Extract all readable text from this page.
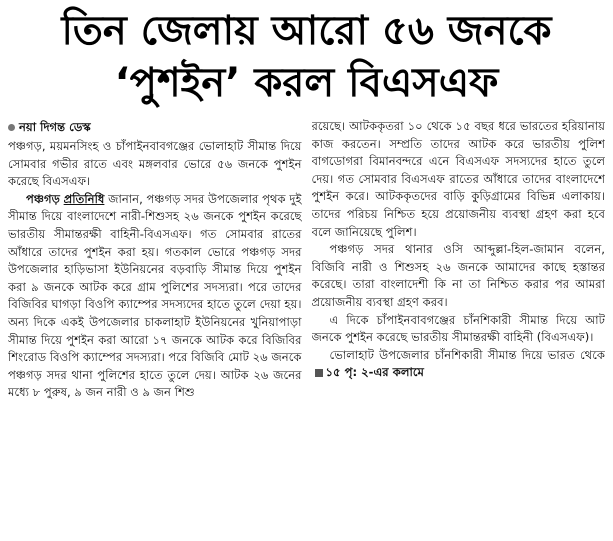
তিন জেলায় আরো ৫৬ জনকে
‘পুশইন’ করল বিএসএফ
নয়া দিগন্ত ডেস্ক

পঞ্চগড়, ময়মনসিংহ ও চাঁপাইনবাবগঞ্জের ভোলাহাট সীমান্ত দিয়ে সোমবার গভীর রাতে এবং মঙ্গলবার ভোরে ৫৬ জনকে পুশইন করেছে বিএসএফ।

পঞ্চগড় প্রতিনিধি জানান, পঞ্চগড় সদর উপজেলার পৃথক দুই সীমান্ত দিয়ে বাংলাদেশে নারী-শিশুসহ ২৬ জনকে পুশইন করেছে ভারতীয় সীমান্তরক্ষী বাহিনী-বিএসএফ। গত সোমবার রাতের আঁধারে তাদের পুশইন করা হয়। গতকাল ভোরে পঞ্চগড় সদর উপজেলার হাড়িভাসা ইউনিয়নের বড়বাড়ি সীমান্ত দিয়ে পুশইন করা ৯ জনকে আটক করে গ্রাম পুলিশের সদস্যরা। পরে তাদের বিজিবির ঘাগড়া বিওপি ক্যাম্পের সদস্যদের হাতে তুলে দেয়া হয়। অন্য দিকে একই উপজেলার চাকলাহাট ইউনিয়নের খুনিয়াপাড়া সীমান্ত দিয়ে পুশইন করা আরো ১৭ জনকে আটক করে বিজিবির শিংরোড বিওপি ক্যাম্পের সদস্যরা। পরে বিজিবি মোট ২৬ জনকে পঞ্চগড় সদর থানা পুলিশের হাতে তুলে দেয়। আটক ২৬ জনের মধ্যে ৮ পুরুষ, ৯ জন নারী ও ৯ জন শিশু

রয়েছে। আটককৃতরা ১০ থেকে ১৫ বছর ধরে ভারতের হরিয়ানায় কাজ করতেন। সম্প্রতি তাদের আটক করে ভারতীয় পুলিশ বাগডোগরা বিমানবন্দরে এনে বিএসএফ সদস্যদের হাতে তুলে দেয়। গত সোমবার বিএসএফ রাতের আঁধারে তাদের বাংলাদেশে পুশইন করে। আটককৃতদের বাড়ি কুড়িগ্রামের বিভিন্ন এলাকায়। তাদের পরিচয় নিশ্চিত হয়ে প্রয়োজনীয় ব্যবস্থা গ্রহণ করা হবে বলে জানিয়েছে পুলিশ।

পঞ্চগড় সদর থানার ওসি আব্দুল্লা-হিল-জামান বলেন, বিজিবি নারী ও শিশুসহ ২৬ জনকে আমাদের কাছে হস্তান্তর করেছে। তারা বাংলাদেশী কি না তা নিশ্চিত করার পর আমরা প্রয়োজনীয় ব্যবস্থা গ্রহণ করব।

এ দিকে চাঁপাইনবাবগঞ্জের চাঁনশিকারী সীমান্ত দিয়ে আট জনকে পুশইন করেছে ভারতীয় সীমান্তরক্ষী বাহিনী (বিএসএফ)।

ভোলাহাট উপজেলার চাঁনশিকারী সীমান্ত দিয়ে ভারত থেকে১৫ পৃ: ২-এর কলামে
